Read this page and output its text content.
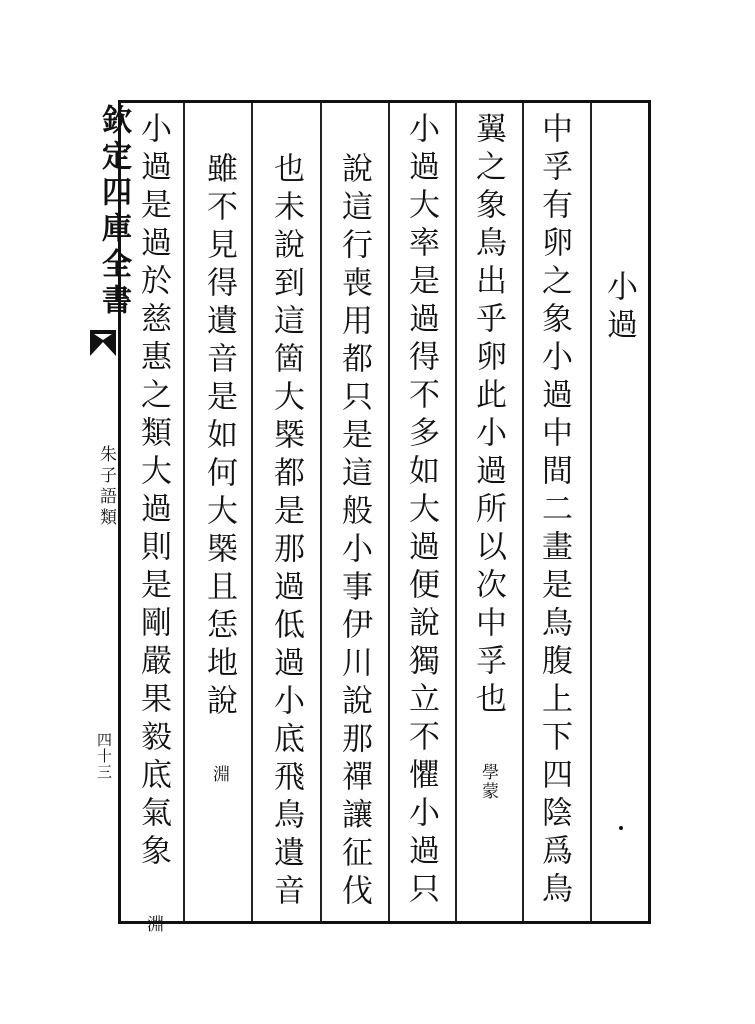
欽定四庫全書
朱子語類
四十三
小過
中孚有卵之象小過中間二畫是鳥腹上下四陰爲鳥
翼之象鳥出乎卵此小過所以次中孚也 學蒙
小過大率是過得不多如大過便說獨立不懼小過只
說這行喪用都只是這般小事伊川說那禪讓征伐
也未說到這箇大槩都是那過低過小底飛鳥遺音
雖不見得遺音是如何大槩且恁地說 淵
小過是過於慈惠之類大過則是剛嚴果毅底氣象 淵
